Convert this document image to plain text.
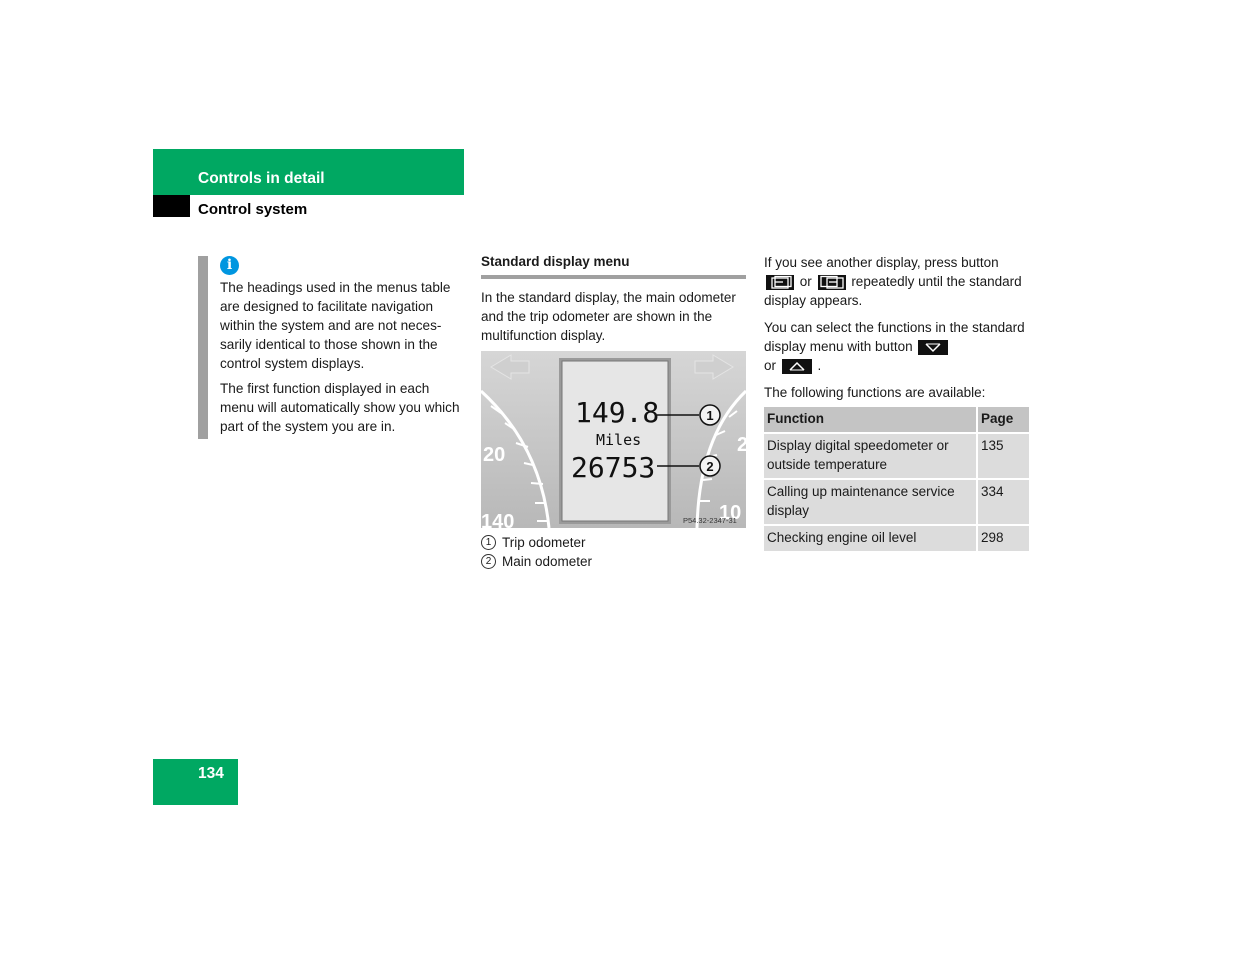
Controls in detail
Control system
i

The headings used in the menus table are designed to facilitate navigation within the system and are not neces-sarily identical to those shown in the control system displays.

The first function displayed in each menu will automatically show you which part of the system you are in.

Standard display menu
In the standard display, the main odometer and the trip odometer are shown in the multifunction display.
20
140
2
10
149.8
Miles
26753
1
2
P54.32-2347-31
1 Trip odometer
2 Main odometer

If you see another display, press button  or	repeatedly until the standard display appears.

You can select the functions in the standard display menu with button
or	.

The following functions are available:

Function	Page
Display digital speedometer or outside temperature	135
Calling up maintenance service display	334
Checking engine oil level	298
134
